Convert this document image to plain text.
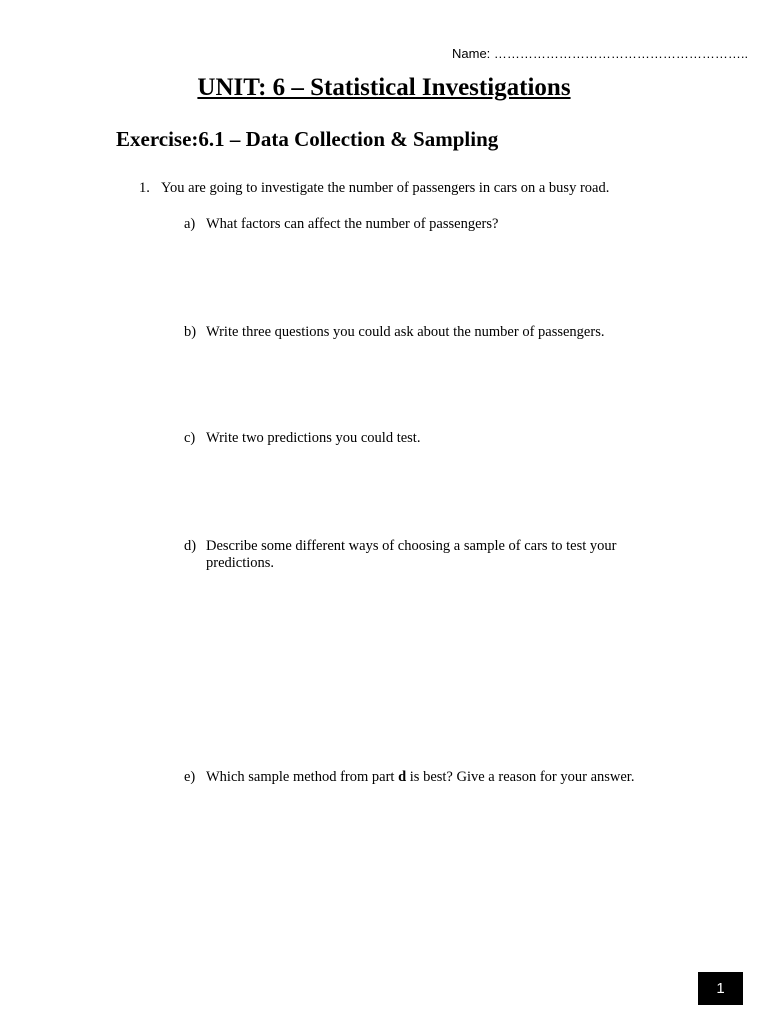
Name: …………………………………………………..
UNIT: 6 – Statistical Investigations
Exercise:6.1 – Data Collection & Sampling
1. You are going to investigate the number of passengers in cars on a busy road.
a) What factors can affect the number of passengers?
b) Write three questions you could ask about the number of passengers.
c) Write two predictions you could test.
d) Describe some different ways of choosing a sample of cars to test your predictions.
e) Which sample method from part d is best? Give a reason for your answer.
1
